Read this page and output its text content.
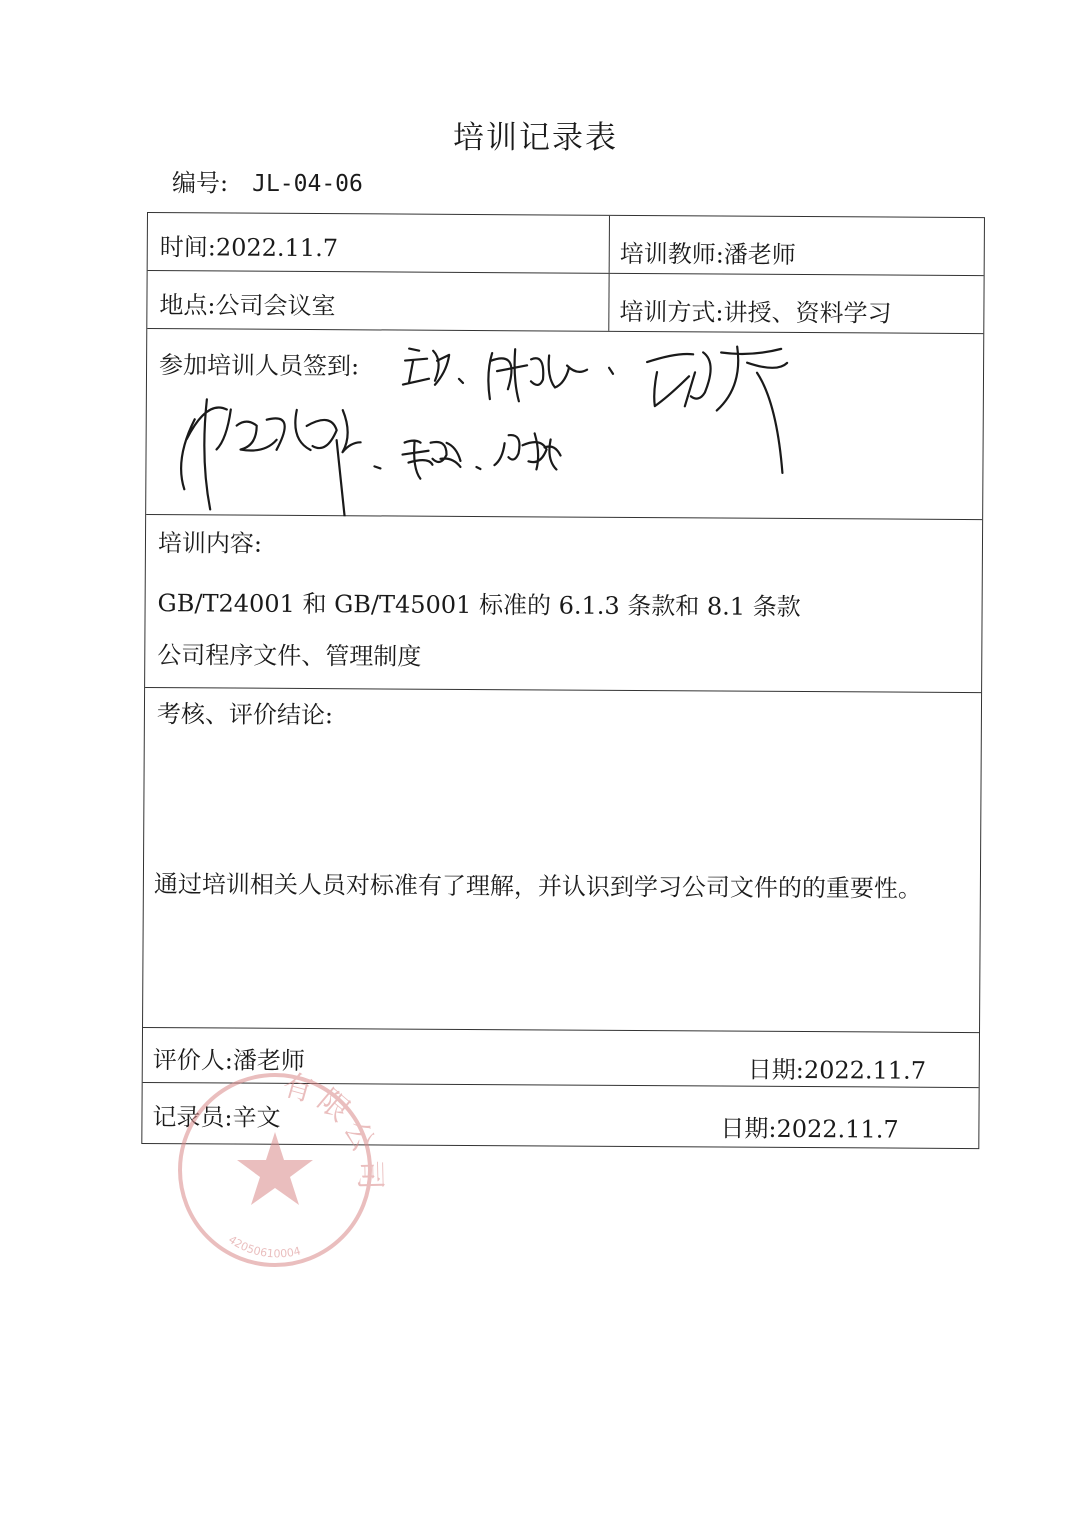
培训记录表
编号: JL-04-06
时间:2022.11.7	培训教师:潘老师
地点:公司会议室	培训方式:讲授、资料学习
参加培训人员签到:
培训内容:
GB/T24001 和 GB/T45001 标准的 6.1.3 条款和 8.1 条款
公司程序文件、管理制度
考核、评价结论:
通过培训相关人员对标准有了理解，并认识到学习公司文件的的重要性。
评价人:潘老师	日期:2022.11.7
记录员:辛文	日期:2022.11.7
有限公司
42050610004
